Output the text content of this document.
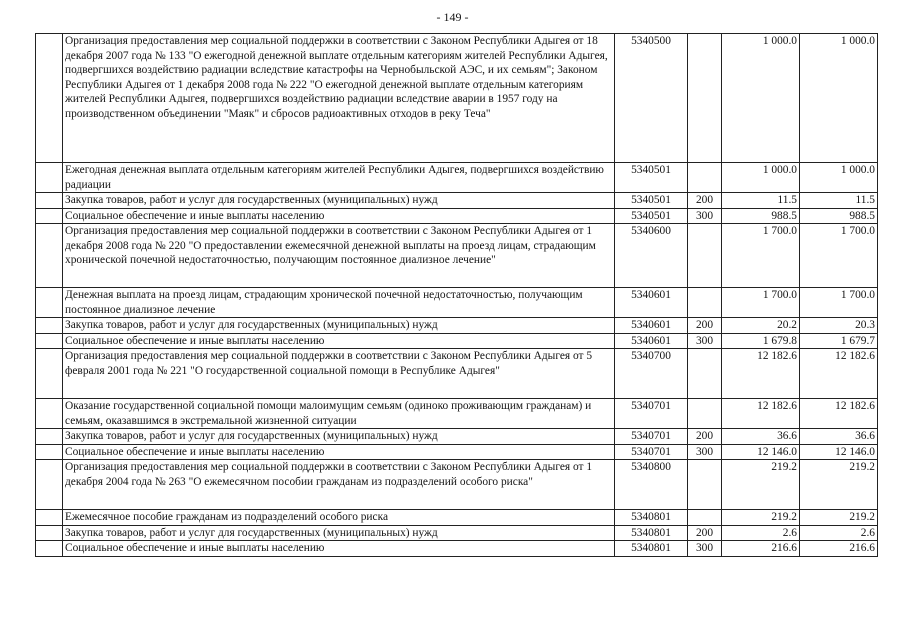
- 149 -
	Организация предоставления мер социальной поддержки в соответствии с Законом Республики Адыгея от 18 декабря 2007 года № 133 "О ежегодной денежной выплате отдельным категориям жителей Республики Адыгея, подвергшихся воздействию радиации вследствие катастрофы на Чернобыльской АЭС, и их семьям"; Законом Республики Адыгея от 1 декабря 2008 года № 222 "О ежегодной денежной выплате отдельным категориям жителей Республики Адыгея, подвергшихся воздействию радиации вследствие аварии в 1957 году на производственном объединении "Маяк" и сбросов радиоактивных отходов в реку Теча"	5340500		1 000.0	1 000.0
	Ежегодная денежная выплата отдельным категориям жителей Республики Адыгея, подвергшихся воздействию радиации	5340501		1 000.0	1 000.0
	Закупка товаров, работ и услуг для государственных (муниципальных) нужд	5340501	200	11.5	11.5
	Социальное обеспечение и иные выплаты населению	5340501	300	988.5	988.5
	Организация предоставления мер социальной поддержки в соответствии с Законом Республики Адыгея от 1 декабря 2008 года № 220 "О предоставлении ежемесячной денежной выплаты на проезд лицам, страдающим хронической почечной недостаточностью, получающим постоянное диализное лечение"	5340600		1 700.0	1 700.0
	Денежная выплата на проезд лицам, страдающим хронической почечной недостаточностью, получающим постоянное диализное лечение	5340601		1 700.0	1 700.0
	Закупка товаров, работ и услуг для государственных (муниципальных) нужд	5340601	200	20.2	20.3
	Социальное обеспечение и иные выплаты населению	5340601	300	1 679.8	1 679.7
	Организация предоставления мер социальной поддержки в соответствии с Законом Республики Адыгея от 5 февраля 2001 года № 221 "О государственной социальной помощи в Республике Адыгея"	5340700		12 182.6	12 182.6
	Оказание государственной социальной помощи малоимущим семьям (одиноко проживающим гражданам) и семьям, оказавшимся в экстремальной жизненной ситуации	5340701		12 182.6	12 182.6
	Закупка товаров, работ и услуг для государственных (муниципальных) нужд	5340701	200	36.6	36.6
	Социальное обеспечение и иные выплаты населению	5340701	300	12 146.0	12 146.0
	Организация предоставления мер социальной поддержки в соответствии с Законом Республики Адыгея от 1 декабря 2004 года № 263 "О ежемесячном пособии гражданам из подразделений особого риска"	5340800		219.2	219.2
	Ежемесячное пособие гражданам из подразделений особого риска	5340801		219.2	219.2
	Закупка товаров, работ и услуг для государственных (муниципальных) нужд	5340801	200	2.6	2.6
	Социальное обеспечение и иные выплаты населению	5340801	300	216.6	216.6
